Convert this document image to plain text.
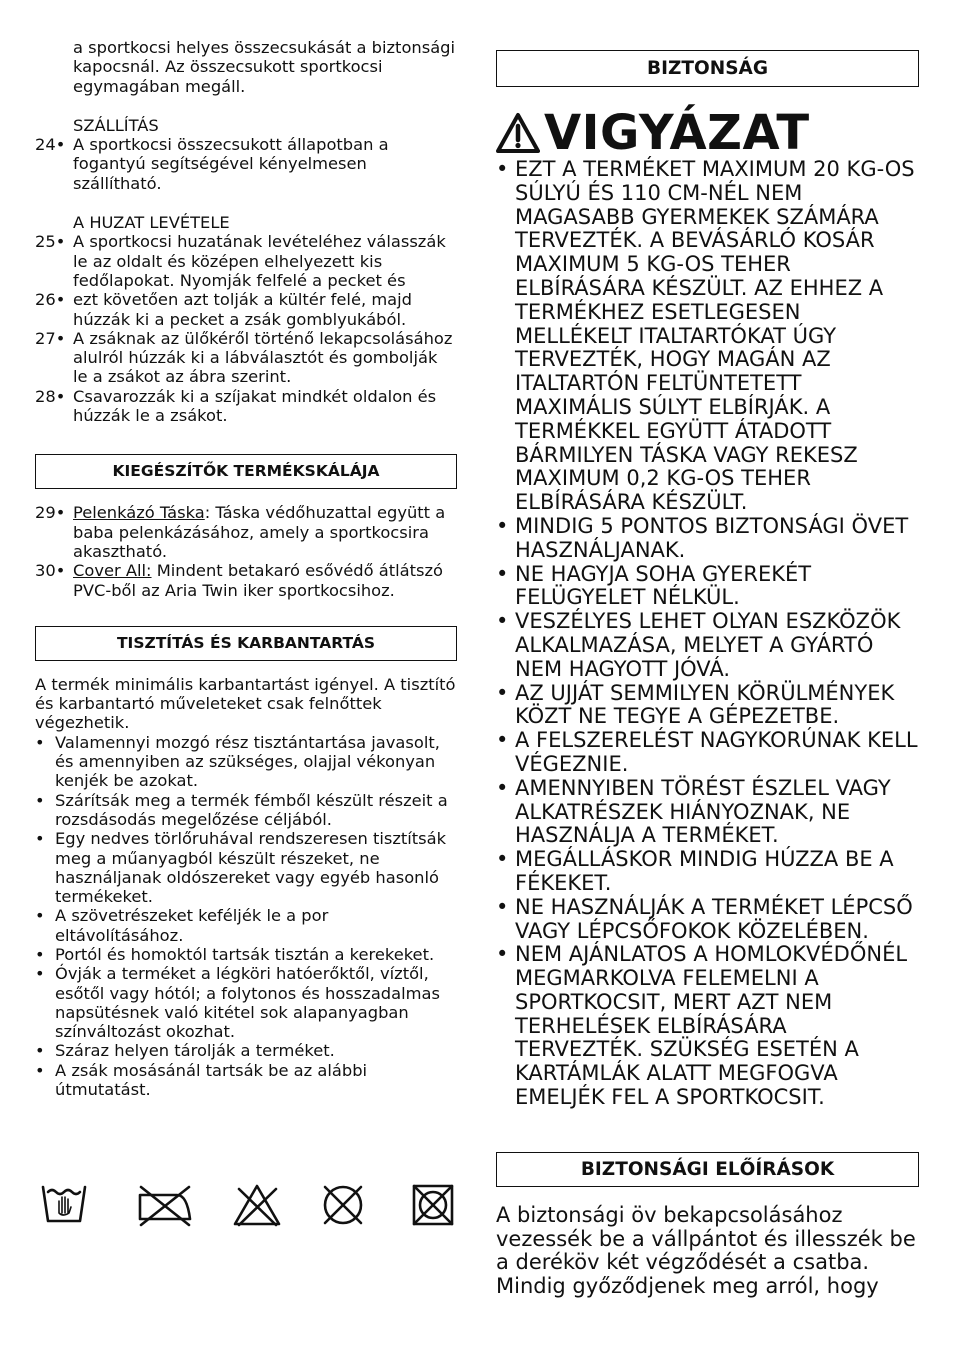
a sportkocsi helyes összecsukását a biztonsági kapocsnál. Az összecsukott sportkocsi egymagában megáll.

SZÁLLÍTÁS
24• A sportkocsi összecsukott állapotban a fogantyú segítségével kényelmesen szállítható.
A HUZAT LEVÉTELE
25• A sportkocsi huzatának levételéhez válasszák le az oldalt és középen elhelyezett kis fedőlapokat. Nyomják felfelé a pecket és
26• ezt követően azt tolják a kültér felé, majd húzzák ki a pecket a zsák gomblyukából.
27• A zsáknak az ülőkéről történő lekapcsolásához alulról húzzák ki a lábválasztót és gombolják le a zsákot az ábra szerint.
28• Csavarozzák ki a szíjakat mindkét oldalon és húzzák le a zsákot.
KIEGÉSZÍTŐK TERMÉKSKÁLÁJA
29• Pelenkázó Táska: Táska védőhuzattal együtt a baba pelenkázásához, amely a sportkocsira akasztható.
30• Cover All: Mindent betakaró esővédő átlátszó PVC-ből az Aria Twin iker sportkocsihoz.
TISZTÍTÁS ÉS KARBANTARTÁS

A termék minimális karbantartást igényel. A tisztító és karbantartó műveleteket csak felnőttek végezhetik.

• Valamennyi mozgó rész tisztántartása javasolt, és amennyiben az szükséges, olajjal vékonyan kenjék be azokat.
• Szárítsák meg a termék fémből készült részeit a rozsdásodás megelőzése céljából.
• Egy nedves törlőruhával rendszeresen tisztítsák meg a műanyagból készült részeket, ne használjanak oldószereket vagy egyéb hasonló termékeket.
• A szövetrészeket keféljék le a por eltávolításához.
• Portól és homoktól tartsák tisztán a kerekeket.
• Óvják a terméket a légköri hatóerőktől, víztől, esőtől vagy hótól; a folytonos és hosszadalmas napsütésnek való kitétel sok alapanyagban színváltozást okozhat.
• Száraz helyen tárolják a terméket.
• A zsák mosásánál tartsák be az alábbi útmutatást.
BIZTONSÁG
VIGYÁZAT
• EZT A TERMÉKET MAXIMUM 20 KG-OS SÚLYÚ ÉS 110 CM-NÉL NEM MAGASABB GYERMEKEK SZÁMÁRA TERVEZTÉK. A BEVÁSÁRLÓ KOSÁR MAXIMUM 5 KG-OS TEHER ELBÍRÁSÁRA KÉSZÜLT. AZ EHHEZ A TERMÉKHEZ ESETLEGESEN MELLÉKELT ITALTARTÓKAT ÚGY TERVEZTÉK, HOGY MAGÁN AZ ITALTARTÓN FELTÜNTETETT MAXIMÁLIS SÚLYT ELBÍRJÁK. A TERMÉKKEL EGYÜTT ÁTADOTT BÁRMILYEN TÁSKA VAGY REKESZ MAXIMUM 0,2 KG-OS TEHER ELBÍRÁSÁRA KÉSZÜLT.
• MINDIG 5 PONTOS BIZTONSÁGI ÖVET HASZNÁLJANAK.
• NE HAGYJA SOHA GYEREKÉT FELÜGYELET NÉLKÜL.
• VESZÉLYES LEHET OLYAN ESZKÖZÖK ALKALMAZÁSA, MELYET A GYÁRTÓ NEM HAGYOTT JÓVÁ.
• AZ UJJÁT SEMMILYEN KÖRÜLMÉNYEK KÖZT NE TEGYE A GÉPEZETBE.
• A FELSZERELÉST NAGYKORÚNAK KELL VÉGEZNIE.
• AMENNYIBEN TÖRÉST ÉSZLEL VAGY ALKATRÉSZEK HIÁNYOZNAK, NE HASZNÁLJA A TERMÉKET.
• MEGÁLLÁSKOR MINDIG HÚZZA BE A FÉKEKET.
• NE HASZNÁLJÁK A TERMÉKET LÉPCSŐ VAGY LÉPCSŐFOKOK KÖZELÉBEN.
• NEM AJÁNLATOS A HOMLOKVÉDŐNÉL MEGMARKOLVA FELEMELNI A SPORTKOCSIT, MERT AZT NEM TERHELÉSEK ELBÍRÁSÁRA TERVEZTÉK. SZÜKSÉG ESETÉN A KARTÁMLÁK ALATT MEGFOGVA EMELJÉK FEL A SPORTKOCSIT.
BIZTONSÁGI ELŐÍRÁSOK

A biztonsági öv bekapcsolásához vezessék be a vállpántot és illesszék be a deréköv két végződését a csatba. Mindig győződjenek meg arról, hogy
